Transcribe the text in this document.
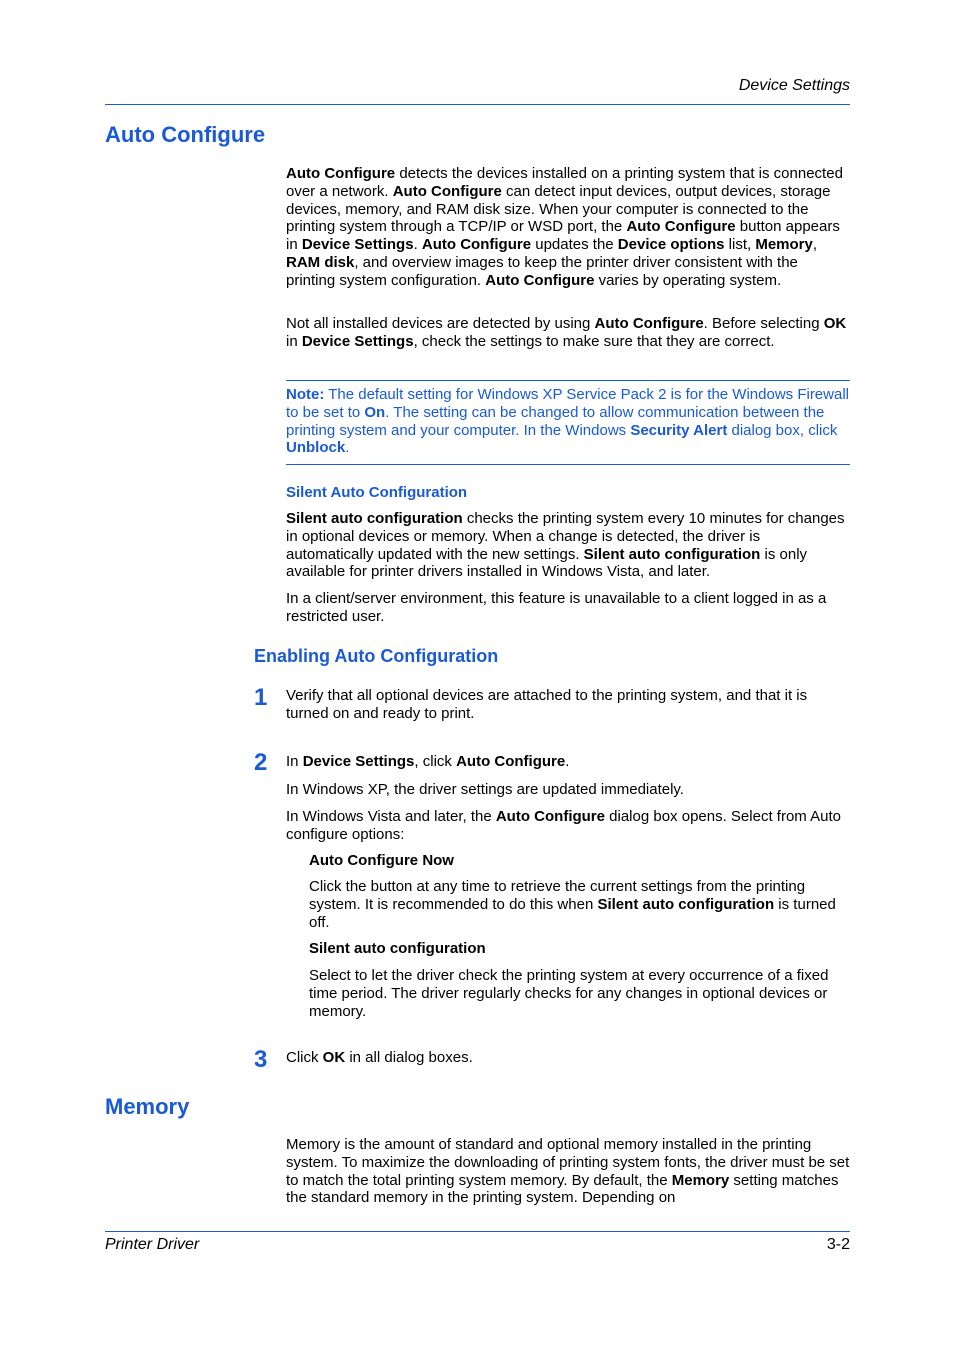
Device Settings
Auto Configure
Auto Configure detects the devices installed on a printing system that is connected over a network. Auto Configure can detect input devices, output devices, storage devices, memory, and RAM disk size. When your computer is connected to the printing system through a TCP/IP or WSD port, the Auto Configure button appears in Device Settings. Auto Configure updates the Device options list, Memory, RAM disk, and overview images to keep the printer driver consistent with the printing system configuration. Auto Configure varies by operating system.
Not all installed devices are detected by using Auto Configure. Before selecting OK in Device Settings, check the settings to make sure that they are correct.
Note: The default setting for Windows XP Service Pack 2 is for the Windows Firewall to be set to On. The setting can be changed to allow communication between the printing system and your computer. In the Windows Security Alert dialog box, click Unblock.
Silent Auto Configuration
Silent auto configuration checks the printing system every 10 minutes for changes in optional devices or memory. When a change is detected, the driver is automatically updated with the new settings. Silent auto configuration is only available for printer drivers installed in Windows Vista, and later.
In a client/server environment, this feature is unavailable to a client logged in as a restricted user.
Enabling Auto Configuration
1 Verify that all optional devices are attached to the printing system, and that it is turned on and ready to print.
2 In Device Settings, click Auto Configure.
In Windows XP, the driver settings are updated immediately.
In Windows Vista and later, the Auto Configure dialog box opens. Select from Auto configure options:
Auto Configure Now
Click the button at any time to retrieve the current settings from the printing system. It is recommended to do this when Silent auto configuration is turned off.
Silent auto configuration
Select to let the driver check the printing system at every occurrence of a fixed time period. The driver regularly checks for any changes in optional devices or memory.
3 Click OK in all dialog boxes.
Memory
Memory is the amount of standard and optional memory installed in the printing system. To maximize the downloading of printing system fonts, the driver must be set to match the total printing system memory. By default, the Memory setting matches the standard memory in the printing system. Depending on
Printer Driver	3-2
